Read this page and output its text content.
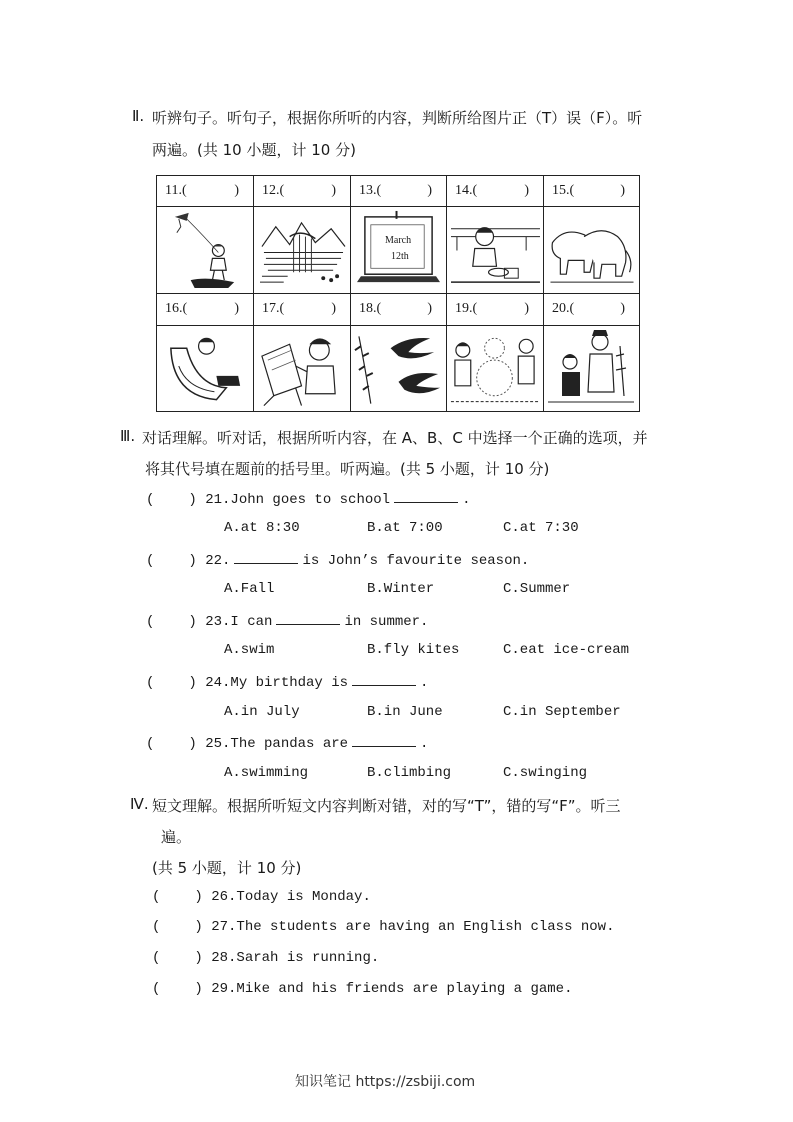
Ⅱ. 听辨句子。听句子，根据你所听的内容，判断所给图片正（T）误（F）。听
两遍。(共 10 小题，计 10 分)
11.(	)	12.(	)	13.(	)	14.(	)	15.(	)
March
12th
16.(	)	17.(	)	18.(	)	19.(	)	20.(	)
Ⅲ. 对话理解。听对话，根据所听内容，在 A、B、C 中选择一个正确的选项，并
将其代号填在题前的括号里。听两遍。(共 5 小题，计 10 分)
( ) 21.John goes to school	.
A.at 8:30	B.at 7:00	C.at 7:30
( ) 22.	is John’s favourite season.
A.Fall	B.Winter	C.Summer
( ) 23.I can	in summer.
A.swim	B.fly kites	C.eat ice-cream
( ) 24.My birthday is	.
A.in July	B.in June	C.in September
( ) 25.The pandas are	.
A.swimming	B.climbing	C.swinging
Ⅳ. 短文理解。根据所听短文内容判断对错，对的写“T”，错的写“F”。听三
遍。
(共 5 小题，计 10 分)
( ) 26.Today is Monday.
( ) 27.The students are having an English class now.
( ) 28.Sarah is running.
( ) 29.Mike and his friends are playing a game.
知识笔记 https://zsbiji.com
